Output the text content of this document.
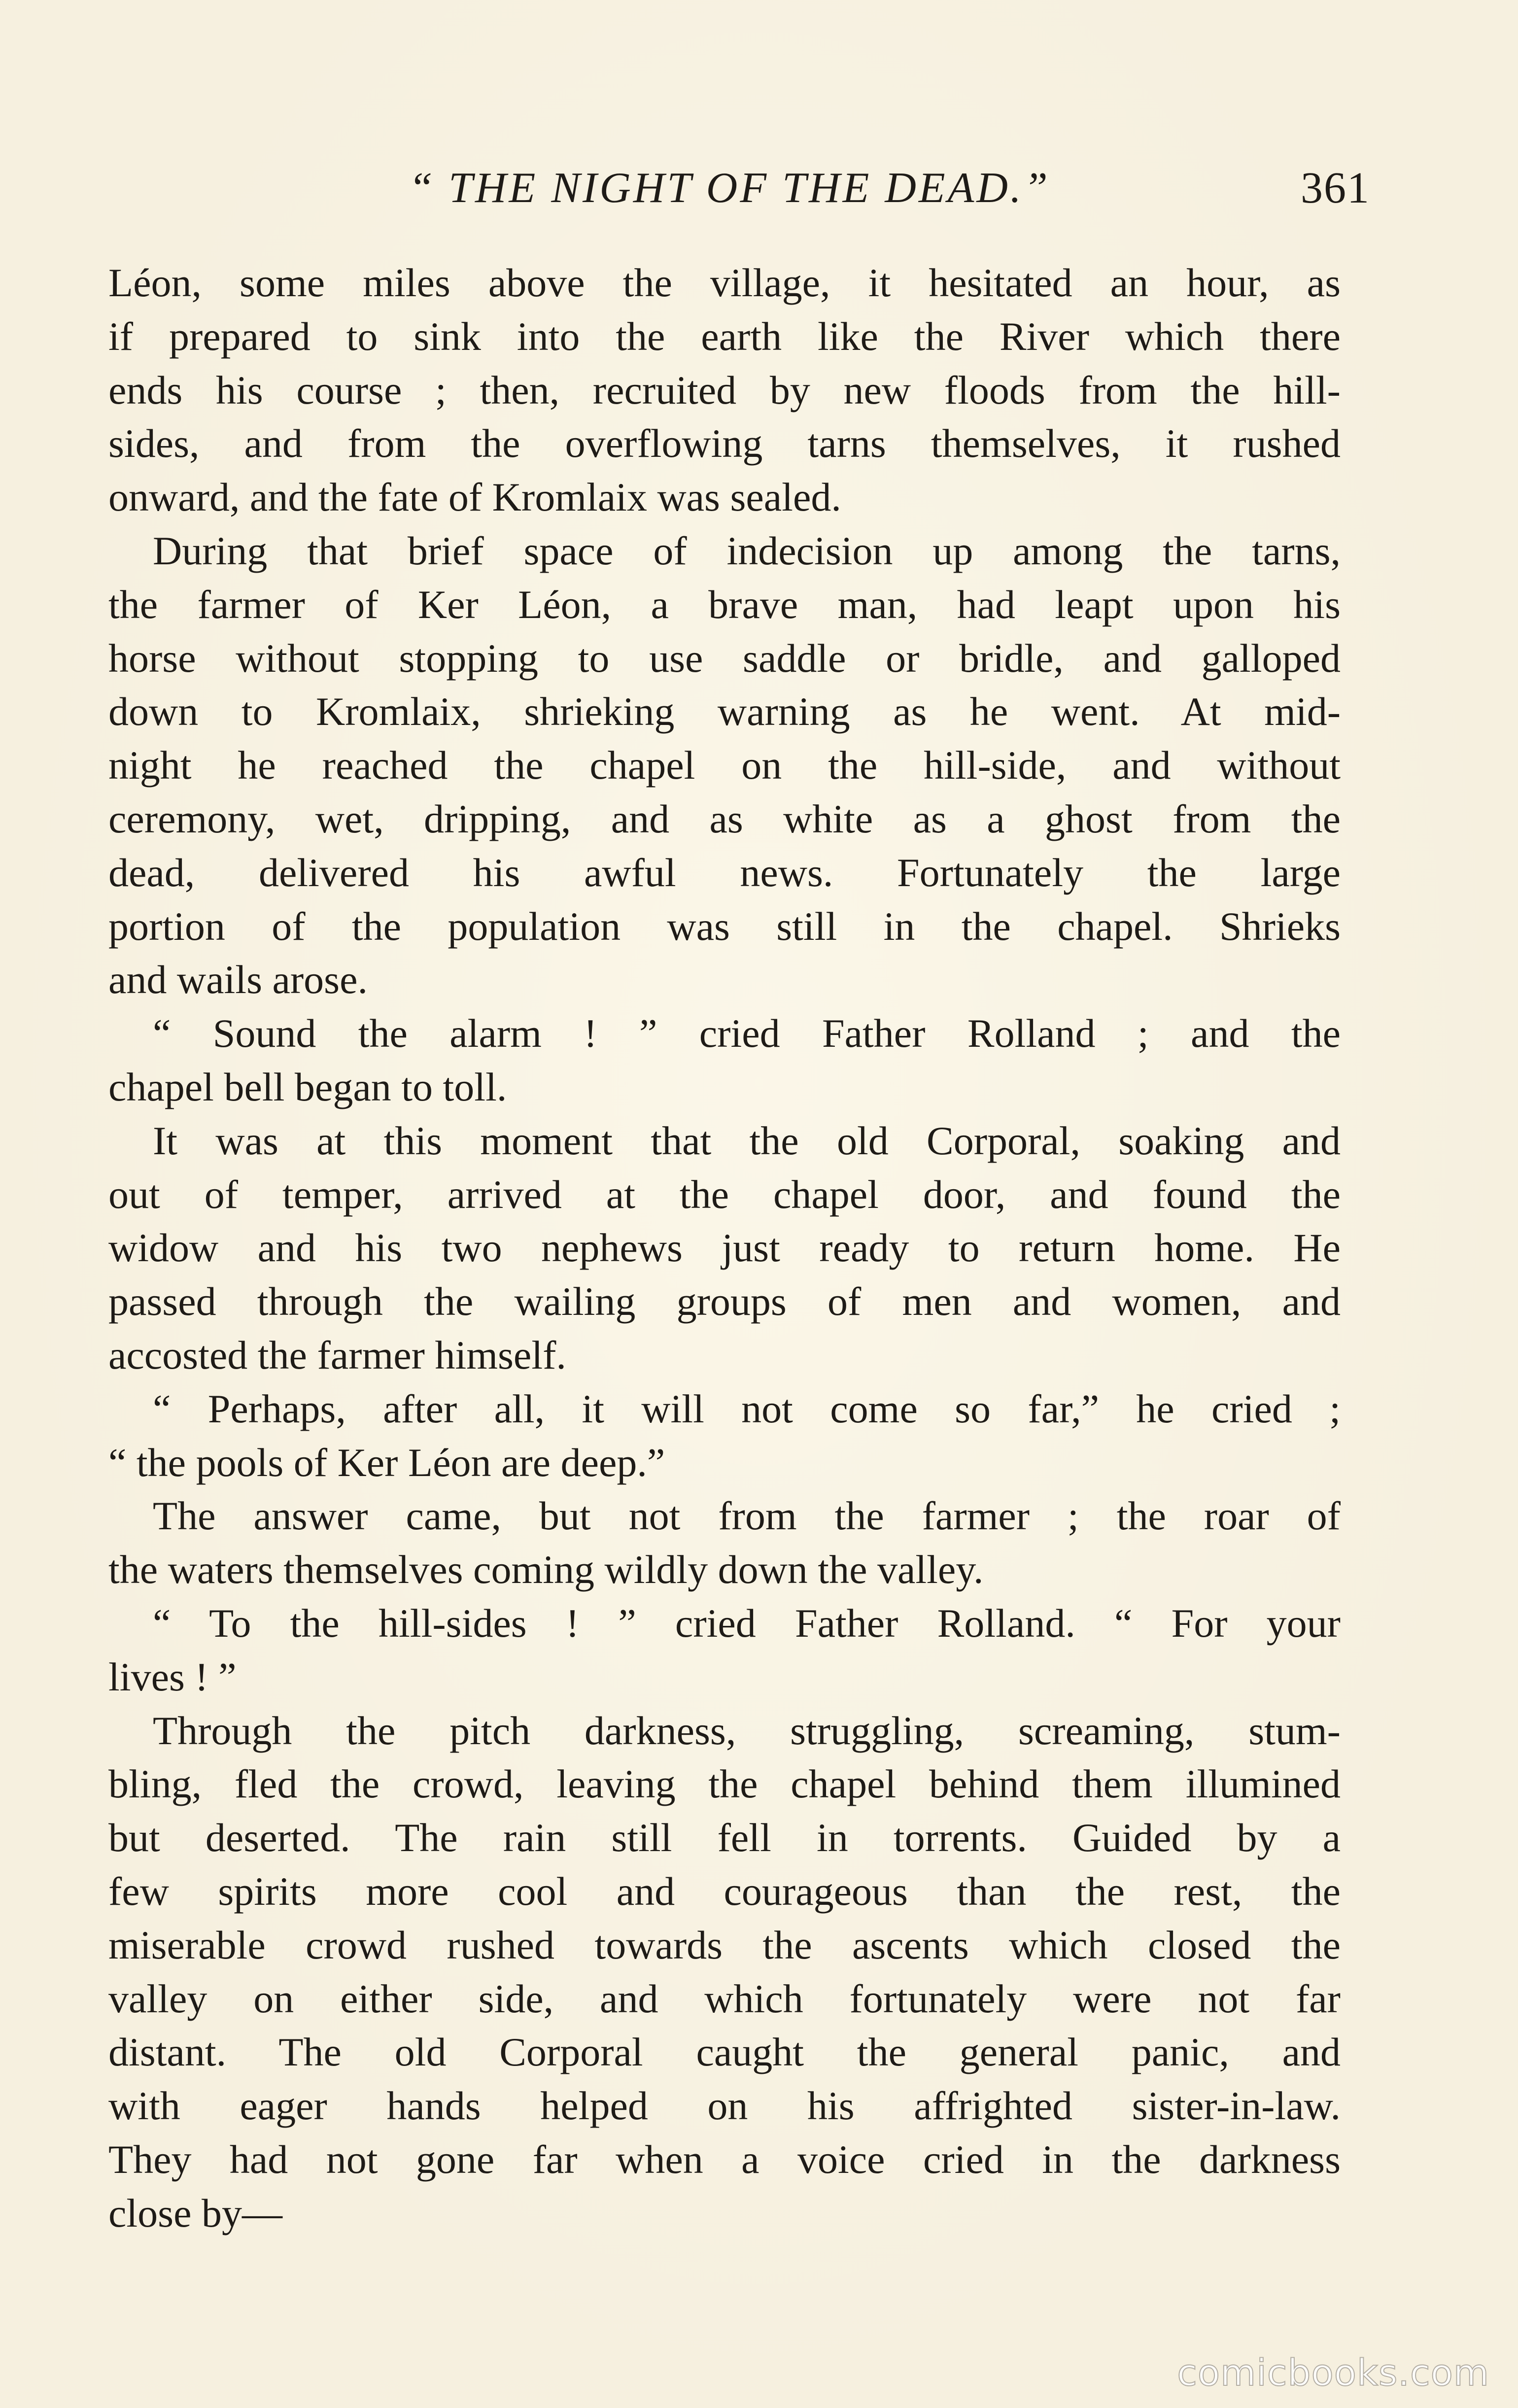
“ THE NIGHT OF THE DEAD.”	361
Léon, some miles above the village, it hesitated an hour, as
if prepared to sink into the earth like the River which there
ends his course ; then, recruited by new floods from the hill-
sides, and from the overflowing tarns themselves, it rushed
onward, and the fate of Kromlaix was sealed.
During that brief space of indecision up among the tarns,
the farmer of Ker Léon, a brave man, had leapt upon his
horse without stopping to use saddle or bridle, and galloped
down to Kromlaix, shrieking warning as he went. At mid-
night he reached the chapel on the hill-side, and without
ceremony, wet, dripping, and as white as a ghost from the
dead, delivered his awful news. Fortunately the large
portion of the population was still in the chapel. Shrieks
and wails arose.
“ Sound the alarm ! ” cried Father Rolland ; and the
chapel bell began to toll.
It was at this moment that the old Corporal, soaking and
out of temper, arrived at the chapel door, and found the
widow and his two nephews just ready to return home. He
passed through the wailing groups of men and women, and
accosted the farmer himself.
“ Perhaps, after all, it will not come so far,” he cried ;
“ the pools of Ker Léon are deep.”
The answer came, but not from the farmer ; the roar of
the waters themselves coming wildly down the valley.
“ To the hill-sides ! ” cried Father Rolland. “ For your
lives ! ”
Through the pitch darkness, struggling, screaming, stum-
bling, fled the crowd, leaving the chapel behind them illumined
but deserted. The rain still fell in torrents. Guided by a
few spirits more cool and courageous than the rest, the
miserable crowd rushed towards the ascents which closed the
valley on either side, and which fortunately were not far
distant. The old Corporal caught the general panic, and
with eager hands helped on his affrighted sister-in-law.
They had not gone far when a voice cried in the darkness
close by—
comicbooks.com
